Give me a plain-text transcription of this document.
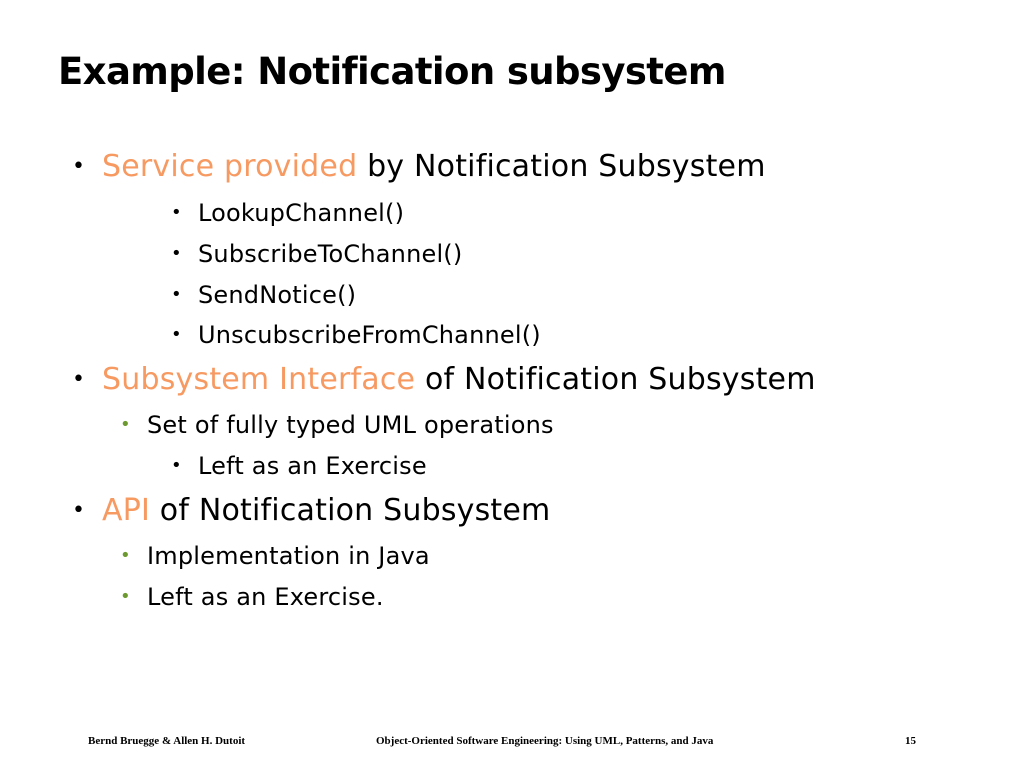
Example: Notification subsystem
• Service provided by Notification Subsystem
• LookupChannel()
• SubscribeToChannel()
• SendNotice()
• UnscubscribeFromChannel()
• Subsystem Interface of Notification Subsystem
• Set of fully typed UML operations
• Left as an Exercise
• API of Notification Subsystem
• Implementation in Java
• Left as an Exercise.
Bernd Bruegge & Allen H. Dutoit	Object-Oriented Software Engineering: Using UML, Patterns, and Java	15
